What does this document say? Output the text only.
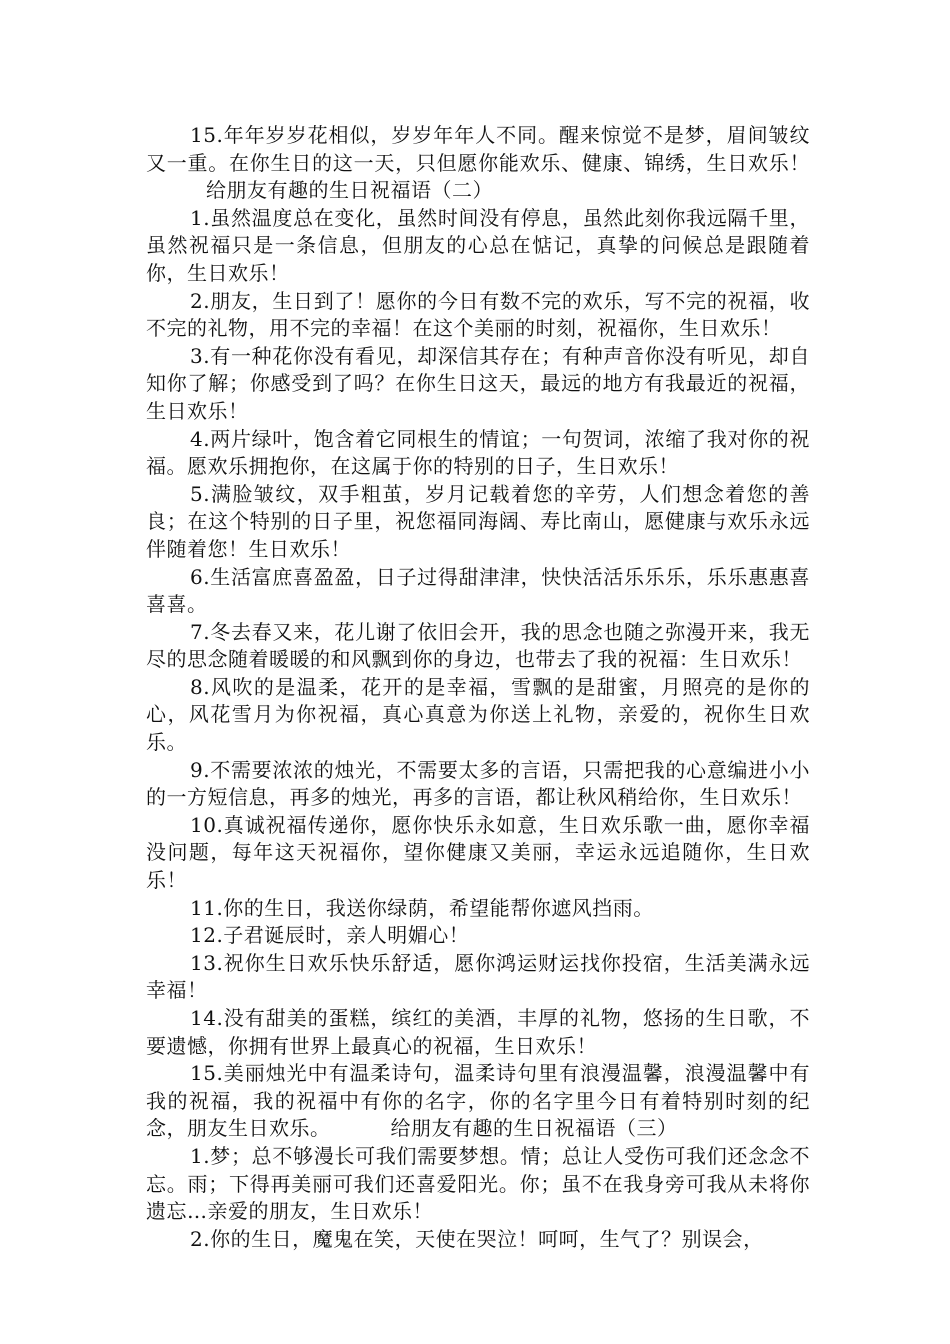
15.年年岁岁花相似，岁岁年年人不同。醒来惊觉不是梦，眉间皱纹又一重。在你生日的这一天，只但愿你能欢乐、健康、锦绣，生日欢乐！给朋友有趣的生日祝福语（二）

1.虽然温度总在变化，虽然时间没有停息，虽然此刻你我远隔千里，虽然祝福只是一条信息，但朋友的心总在惦记，真挚的问候总是跟随着你，生日欢乐！

2.朋友，生日到了！愿你的今日有数不完的欢乐，写不完的祝福，收不完的礼物，用不完的幸福！在这个美丽的时刻，祝福你，生日欢乐！

3.有一种花你没有看见，却深信其存在；有种声音你没有听见，却自知你了解；你感受到了吗？在你生日这天，最远的地方有我最近的祝福，生日欢乐！

4.两片绿叶，饱含着它同根生的情谊；一句贺词，浓缩了我对你的祝福。愿欢乐拥抱你，在这属于你的特别的日子，生日欢乐！

5.满脸皱纹，双手粗茧，岁月记载着您的辛劳，人们想念着您的善良；在这个特别的日子里，祝您福同海阔、寿比南山，愿健康与欢乐永远伴随着您！生日欢乐！

6.生活富庶喜盈盈，日子过得甜津津，快快活活乐乐乐，乐乐惠惠喜喜喜。

7.冬去春又来，花儿谢了依旧会开，我的思念也随之弥漫开来，我无尽的思念随着暖暖的和风飘到你的身边，也带去了我的祝福：生日欢乐！

8.风吹的是温柔，花开的是幸福，雪飘的是甜蜜，月照亮的是你的心，风花雪月为你祝福，真心真意为你送上礼物，亲爱的，祝你生日欢乐。

9.不需要浓浓的烛光，不需要太多的言语，只需把我的心意编进小小的一方短信息，再多的烛光，再多的言语，都让秋风稍给你，生日欢乐！

10.真诚祝福传递你，愿你快乐永如意，生日欢乐歌一曲，愿你幸福没问题，每年这天祝福你，望你健康又美丽，幸运永远追随你，生日欢乐！

11.你的生日，我送你绿荫，希望能帮你遮风挡雨。

12.子君诞辰时，亲人明媚心！

13.祝你生日欢乐快乐舒适，愿你鸿运财运找你投宿，生活美满永远幸福！

14.没有甜美的蛋糕，缤红的美酒，丰厚的礼物，悠扬的生日歌，不要遗憾，你拥有世界上最真心的祝福，生日欢乐！

15.美丽烛光中有温柔诗句，温柔诗句里有浪漫温馨，浪漫温馨中有我的祝福，我的祝福中有你的名字，你的名字里今日有着特别时刻的纪念，朋友生日欢乐。	给朋友有趣的生日祝福语（三）

1.梦；总不够漫长可我们需要梦想。情；总让人受伤可我们还念念不忘。雨；下得再美丽可我们还喜爱阳光。你；虽不在我身旁可我从未将你遗忘…亲爱的朋友，生日欢乐！

2.你的生日，魔鬼在笑，天使在哭泣！呵呵，生气了？别误会，
